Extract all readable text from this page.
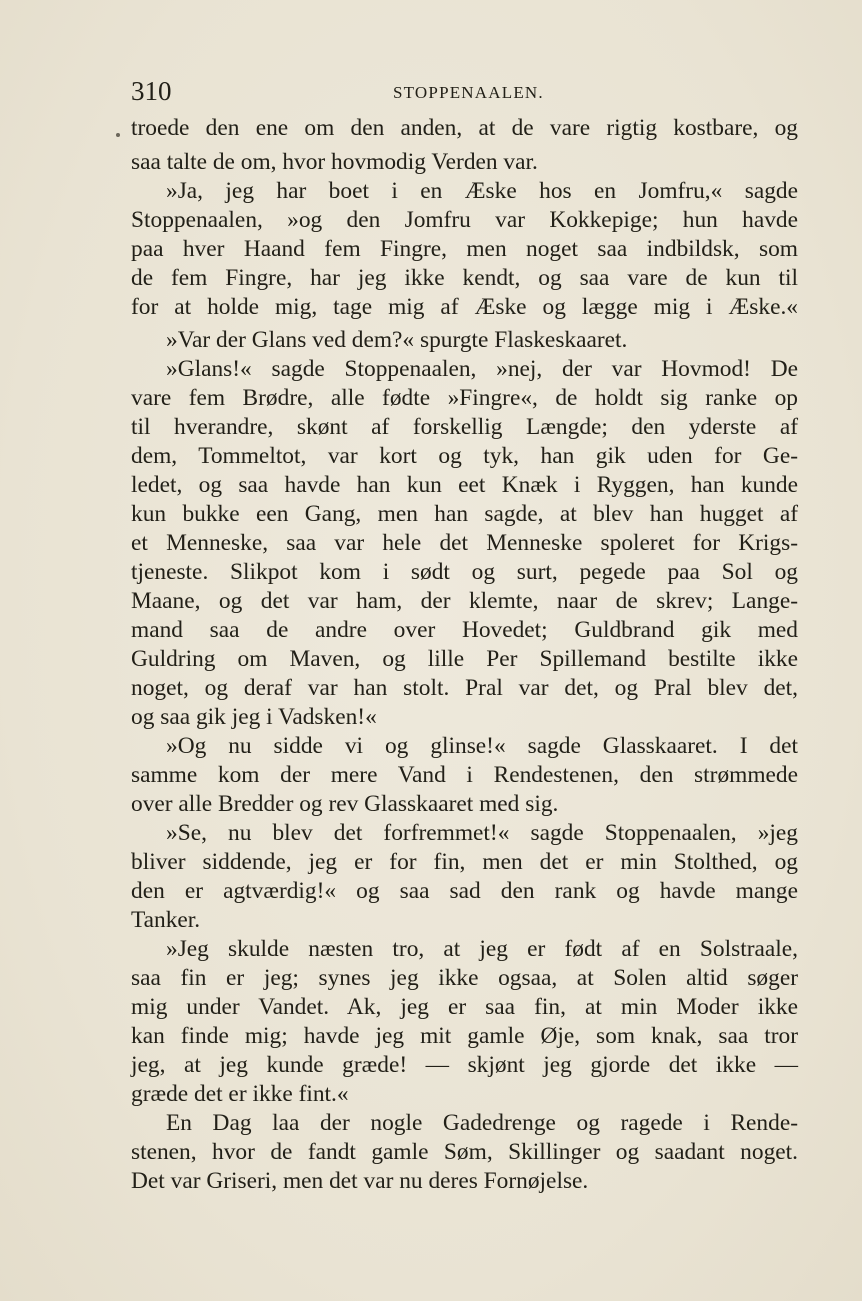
310	STOPPENAALEN.
troede den ene om den anden, at de vare rigtig kostbare, og
saa talte de om, hvor hovmodig Verden var.
»Ja, jeg har boet i en Æske hos en Jomfru,« sagde
Stoppenaalen, »og den Jomfru var Kokkepige; hun havde
paa hver Haand fem Fingre, men noget saa indbildsk, som
de fem Fingre, har jeg ikke kendt, og saa vare de kun til
for at holde mig, tage mig af Æske og lægge mig i Æske.«
»Var der Glans ved dem?« spurgte Flaskeskaaret.
»Glans!« sagde Stoppenaalen, »nej, der var Hovmod! De
vare fem Brødre, alle fødte »Fingre«, de holdt sig ranke op
til hverandre, skønt af forskellig Længde; den yderste af
dem, Tommeltot, var kort og tyk, han gik uden for Ge-
ledet, og saa havde han kun eet Knæk i Ryggen, han kunde
kun bukke een Gang, men han sagde, at blev han hugget af
et Menneske, saa var hele det Menneske spoleret for Krigs-
tjeneste. Slikpot kom i sødt og surt, pegede paa Sol og
Maane, og det var ham, der klemte, naar de skrev; Lange-
mand saa de andre over Hovedet; Guldbrand gik med
Guldring om Maven, og lille Per Spillemand bestilte ikke
noget, og deraf var han stolt. Pral var det, og Pral blev det,
og saa gik jeg i Vadsken!«
»Og nu sidde vi og glinse!« sagde Glasskaaret. I det
samme kom der mere Vand i Rendestenen, den strømmede
over alle Bredder og rev Glasskaaret med sig.
»Se, nu blev det forfremmet!« sagde Stoppenaalen, »jeg
bliver siddende, jeg er for fin, men det er min Stolthed, og
den er agtværdig!« og saa sad den rank og havde mange
Tanker.
»Jeg skulde næsten tro, at jeg er født af en Solstraale,
saa fin er jeg; synes jeg ikke ogsaa, at Solen altid søger
mig under Vandet. Ak, jeg er saa fin, at min Moder ikke
kan finde mig; havde jeg mit gamle Øje, som knak, saa tror
jeg, at jeg kunde græde! — skjønt jeg gjorde det ikke —
græde det er ikke fint.«
En Dag laa der nogle Gadedrenge og ragede i Rende-
stenen, hvor de fandt gamle Søm, Skillinger og saadant noget.
Det var Griseri, men det var nu deres Fornøjelse.
